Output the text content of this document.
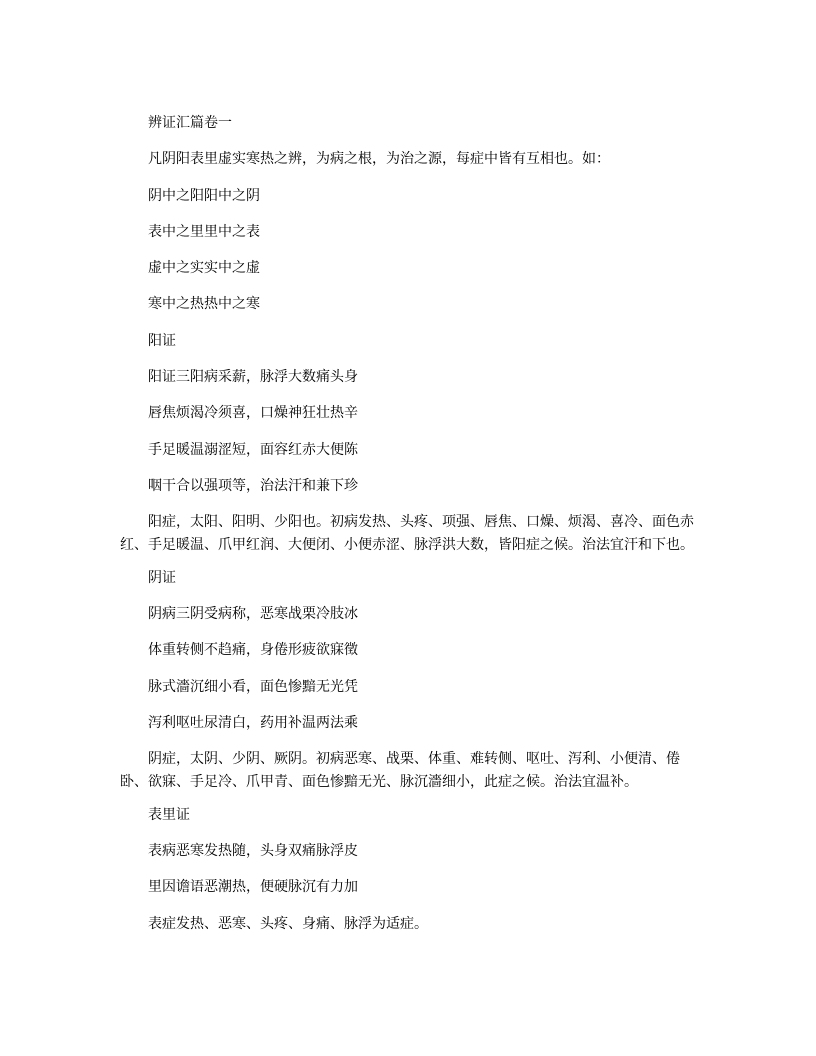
辨证汇篇卷一

凡阴阳表里虚实寒热之辨，为病之根，为治之源，每症中皆有互相也。如：

阴中之阳阳中之阴

表中之里里中之表

虚中之实实中之虚

寒中之热热中之寒

阳证

阳证三阳病采薪，脉浮大数痛头身

唇焦烦渴冷须喜，口燥神狂壮热辛

手足暖温溺涩短，面容红赤大便陈

咽干合以强项等，治法汗和兼下珍

阳症，太阳、阳明、少阳也。初病发热、头疼、项强、唇焦、口燥、烦渴、喜冷、面色赤红、手足暖温、爪甲红润、大便闭、小便赤涩、脉浮洪大数，皆阳症之候。治法宜汗和下也。

阴证

阴病三阴受病称，恶寒战栗冷肢冰

体重转侧不趋痛，身倦形疲欲寐徵

脉式濇沉细小看，面色惨黯无光凭

泻利呕吐尿清白，药用补温两法乘

阴症，太阴、少阴、厥阴。初病恶寒、战栗、体重、难转侧、呕吐、泻利、小便清、倦卧、欲寐、手足冷、爪甲青、面色惨黯无光、脉沉濇细小，此症之候。治法宜温补。

表里证

表病恶寒发热随，头身双痛脉浮皮

里因谵语恶潮热，便硬脉沉有力加

表症发热、恶寒、头疼、身痛、脉浮为适症。
